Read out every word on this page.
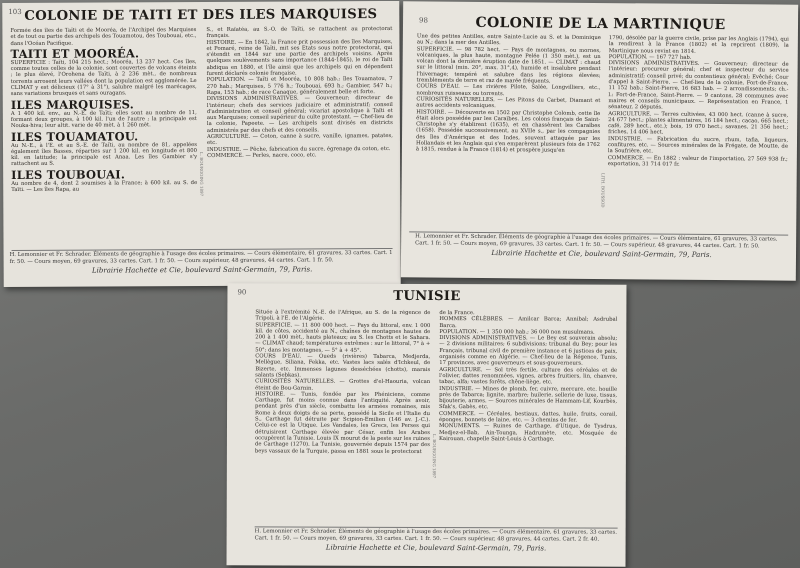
103 COLONIE DE TAITI ET DES ILES MARQUISES

Formée des îles de Taïti et de Mooréa, de l'Archipel des Marquises et de tout ou partie des archipels des Touamotou, des Toubouai, etc., dans l'Océan Pacifique.

TAITI ET MOORÉA.

SUPERFICIE : Taïti, 104 215 hect.; Mooréa, 13 237 hect. Ces îles, comme toutes celles de la colonie, sont couvertes de volcans éteints ; le plus élevé, l'Orohena de Taïti, à 2 236 mèt., de nombreux torrents arrosent leurs vallées dont la population est agglomérée. Le CLIMAT y est délicieux (17° à 31°), salubre malgré les marécages, sans variations brusques et sans ouragans.

ILES MARQUISES.

A 1 400 kil. env., au N.-E. de Taïti; elles sont au nombre de 11, formant deux groupes, à 100 kil. l'un de l'autre ; la principale est Nouka-hiva; leur altit. varie de 40 mèt. à 1 260 mèt.

ILES TOUAMATOU.

Au N.-E., à l'E. et au S.-E. de Taïti, au nombre de 81, appelées également îles Basses, réparties sur 1 200 kil. en longitude et 800 kil. en latitude; la principale est Anaa. Les îles Gambier s'y rattachent au S.

ILES TOUBOUAI.

Au nombre de 4, dont 2 soumises à la France; à 600 kil. au S. de Taïti. — Les îles Rapa, au	L. BOURGOING 1897

S., et Raïatéa, au S.-O. de Taïti, se rattachent au protectorat français.

HISTOIRE. — En 1842, la France prit possession des îles Marquises, et Pomaré, reine de Taïti, mit ses Etats sous notre protectorat, qui s'étendit en 1844 sur une partie des archipels voisins. Après quelques soulèvements sans importance (1844-1845), le roi de Taïti abdiqua en 1880, et l'île ainsi que les archipels qui en dépendent furent déclarés colonie française.

POPULATION. — Taïti et Mooréa, 10 808 hab.; îles Touamatou, 7 270 hab.; Marquises, 5 776 h.; Toubouai, 693 h.; Gambier, 547 h.; Rapa, 153 hab.; de race Canaque, généralement belle et forte.

DIVISIONS ADMINISTRATIVES. — Gouverneur; directeur de l'intérieur; chefs des services judiciaire et administratif; conseil d'administration et conseil général; vicariat apostolique à Taïti et aux Marquises; conseil supérieur du culte protestant. — Chef-lieu de la colonie, Papeete. — Les archipels sont divisés en districts administrés par des chefs et des conseils.

AGRICULTURE. — Coton, canne à sucre, vanille, ignames, patates, etc.

INDUSTRIE. — Pêche, fabrication du sucre, égrenage du coton, etc.

COMMERCE. — Perles, nacre, coco, etc.

H. Lemonnier et Fr. Schrader. Éléments de géographie à l'usage des écoles primaires. — Cours élémentaire, 61 gravures, 33 cartes. Cart. 1 fr. 50. — Cours moyen, 69 gravures, 33 cartes. Cart. 1 fr. 50. — Cours supérieur, 48 gravures, 44 cartes. Cart. 1 fr. 50.
Librairie Hachette et Cie, boulevard Saint-Germain, 79, Paris.
98	COLONIE DE LA MARTINIQUE

Une des petites Antilles, entre Sainte-Lucie au S. et la Dominique au N.; dans la mer des Antilles.

SUPERFICIE. — 98 782 hect. — Pays de montagnes, ou mornes, volcaniques, la plus haute, montagne Pelée (1 350 mèt.), est un volcan dont la dernière éruption date de 1851. — CLIMAT : chaud sur le littoral (min. 20°, max. 31°,4), humide et insalubre pendant l'hivernage; tempéré et salubre dans les régions élevées; tremblements de terre et raz de marée fréquents.

COURS D'EAU. — Les rivières Pilote, Salée, Longvilliers, etc., nombreux ruisseaux ou torrents.

CURIOSITÉS NATURELLES. — Les Pitons du Carbet, Diamant et autres accidents volcaniques.

HISTOIRE. — Découverte en 1502 par Christophe Colomb, cette île était alors possédée par les Caraïbes. Les colons français de Saint-Christophe s'y établirent (1635), et en chassèrent les Caraïbes (1658). Possédée successivement, au XVIIe s., par les compagnies des îles d'Amérique et des Indes, souvent attaquée par les Hollandais et les Anglais qui s'en emparèrent plusieurs fois de 1762 à 1815, rendue à la France (1814) et prospère jusqu'en

LITH. BOUSSOD

1790, désolée par la guerre civile, prise par les Anglais (1794), qui la rendirent à la France (1802) et la reprirent (1809), la Martinique nous revint en 1814.

POPULATION. — 167 727 hab.

DIVISIONS ADMINISTRATIVES. — Gouverneur; directeur de l'intérieur; procureur général; chef et inspecteur du service administratif; conseil privé; du contentieux général; Evêché; Cour d'appel à Saint-Pierre. — Chef-lieu de la colonie, Fort-de-France, 11 152 hab.; Saint-Pierre, 16 683 hab. — 2 arrondissements; ch.-l.: Fort-de-France, Saint-Pierre. — 9 cantons, 28 communes avec maires et conseils municipaux. — Représentation en France, 1 sénateur, 2 députés.

AGRICULTURE. — Terres cultivées, 43 000 hect. (canne à sucre, 24 677 hect.; plantes alimentaires, 16 184 hect.; cacao, 665 hect.; café, 289 hect., etc.); bois, 19 070 hect.; savanes, 21 356 hect.; friches, 14 406 hect.

INDUSTRIE. — Fabrication du sucre, rhum, tafia, liqueurs, confitures, etc. — Sources minérales de la Frégate, de Moutte, de la Soufrière, etc.

COMMERCE. — En 1882 : valeur de l'importation, 27 569 938 fr.; exportation, 31 714 017 fr.

H. Lemonnier et Fr. Schrader. Éléments de géographie à l'usage des écoles primaires. — Cours élémentaire, 61 gravures, 33 cartes. Cart. 1 fr. 50. — Cours moyen, 69 gravures, 33 cartes. Cart. 1 fr. 50. — Cours supérieur, 48 gravures, 44 cartes. Cart. 1 fr. 50.
Librairie Hachette et Cie, boulevard Saint-Germain, 79, Paris.
90	TUNISIE

Située à l'extrémité N.-E. de l'Afrique, au S. de la régence de Tripoli, à l'E. de l'Algérie.

SUPERFICIE. — 11 800 000 hect. — Pays du littoral, env. 1 000 kil. de côtes, accidenté au N., chaînes de montagnes hautes de 200 à 1 400 mèt., hauts plateaux; au S. les Chotts et le Sahara. — CLIMAT chaud; températures extrêmes : sur le littoral, 7° à + 50°; dans les montagnes, — 5° à + 45°.

COURS D'EAU. — Oueds (rivières) Tabarca, Medjerda, Mellègue, Siliana, Fekka, etc. Vastes lacs salés d'Ichkeul, de Bizerte, etc. Immenses lagunes desséchées (chotts), marais salants (Sebkas).

CURIOSITÉS NATURELLES. — Grottes d'el-Haouria, volcan éteint de Bou-Garnin.

HISTOIRE. — Tunis, fondée par les Phéniciens, comme Carthage, fut moins connue dans l'antiquité. Après avoir, pendant près d'un siècle, combattu les armées romaines, mis Rome à deux doigts de sa perte, possédé la Sicile et l'Italie du S., Carthage fut détruite par Scipion-Emilien (146 av. J.-C.). Celui-ce est la Utique. Les Vandales, les Grecs, les Perses qui détruisirent Carthage élevée par César, enfin les Arabes occupèrent la Tunisie. Louis IX mourut de la peste sur les ruines de Carthage (1270). La Tunisie, gouvernée depuis 1574 par des beys vassaux de la Turquie, passa en 1881 sous le protectorat	L. BOURGOING 1897

de la France.

HOMMES CÉLÈBRES. — Amilcar Barca; Annibal; Asdrubal Barca.

POPULATION. — 1 350 000 hab.; 36 000 non musulmans.

DIVISIONS ADMINISTRATIVES. — Le Bey est souverain absolu; — 2 divisions militaires; 6 subdivisions; tribunal du Bey; pour les Français, tribunal civil de première instance et 6 justices de paix, organisés comme en Algérie. — Chef-lieu de la Régence, Tunis, 17 provinces, avec gouverneurs et sous-gouverneurs.

AGRICULTURE. — Sol très fertile, culture des céréales et de l'olivier, dattes renommées, vignes, arbres fruitiers, lin, chanvre, tabac, alfa; vastes forêts, chêne-liège, etc.

INDUSTRIE. — Mines de plomb, fer, cuivre, mercure, etc. houille près de Tabarca; lignite, marbre; huilerie, sellerie de luxe, tissus, bijouterie, armes. — Sources minérales de Hammam-Lif, Kourbès, Sfak's, Gabès, etc.

COMMERCE. — Céréales, bestiaux, dattes, huile, fruits, corail, éponges, bonnets de laine, etc. — 3 chemins de fer.

MONUMENTS. — Ruines de Carthage, d'Utique, de Tysdrus, Medjez-el-Bab, Ain-Tounga, Hadrumète, etc. Mosquée de Kairouan, chapelle Saint-Louis à Carthage.

H. Lemonnier et Fr. Schrader. Éléments de géographie à l'usage des écoles primaires. — Cours élémentaire, 61 gravures, 33 cartes. Cart. 1 fr. 50. — Cours moyen, 69 gravures, 33 cartes. Cart. 1 fr. 50. — Cours supérieur, 48 gravures, 44 cartes. Cart. 2 fr. 40.
Librairie Hachette et Cie, boulevard Saint-Germain, 79, Paris.
